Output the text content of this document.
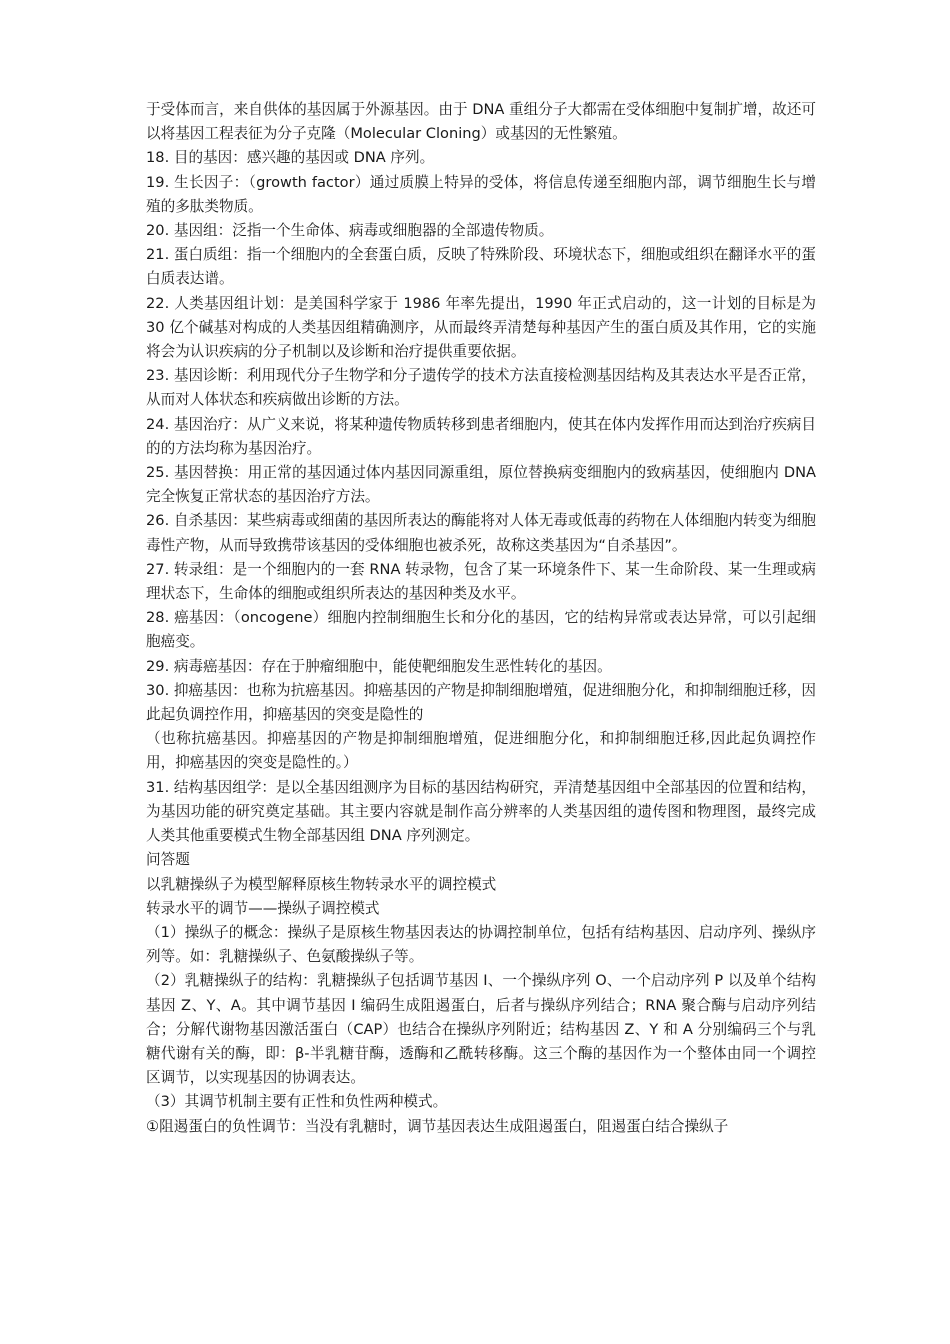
于受体而言，来自供体的基因属于外源基因。由于 DNA 重组分子大都需在受体细胞中复制扩增，故还可以将基因工程表征为分子克隆（Molecular Cloning）或基因的无性繁殖。

18. 目的基因：感兴趣的基因或 DNA 序列。

19. 生长因子：（growth factor）通过质膜上特异的受体，将信息传递至细胞内部，调节细胞生长与增殖的多肽类物质。

20. 基因组：泛指一个生命体、病毒或细胞器的全部遗传物质。

21. 蛋白质组：指一个细胞内的全套蛋白质，反映了特殊阶段、环境状态下，细胞或组织在翻译水平的蛋白质表达谱。

22. 人类基因组计划：是美国科学家于 1986 年率先提出，1990 年正式启动的，这一计划的目标是为 30 亿个碱基对构成的人类基因组精确测序，从而最终弄清楚每种基因产生的蛋白质及其作用，它的实施将会为认识疾病的分子机制以及诊断和治疗提供重要依据。

23. 基因诊断：利用现代分子生物学和分子遗传学的技术方法直接检测基因结构及其表达水平是否正常，从而对人体状态和疾病做出诊断的方法。

24. 基因治疗：从广义来说，将某种遗传物质转移到患者细胞内，使其在体内发挥作用而达到治疗疾病目的的方法均称为基因治疗。

25. 基因替换：用正常的基因通过体内基因同源重组，原位替换病变细胞内的致病基因，使细胞内 DNA 完全恢复正常状态的基因治疗方法。

26. 自杀基因：某些病毒或细菌的基因所表达的酶能将对人体无毒或低毒的药物在人体细胞内转变为细胞毒性产物，从而导致携带该基因的受体细胞也被杀死，故称这类基因为“自杀基因”。

27. 转录组：是一个细胞内的一套 RNA 转录物，包含了某一环境条件下、某一生命阶段、某一生理或病理状态下，生命体的细胞或组织所表达的基因种类及水平。

28. 癌基因：（oncogene）细胞内控制细胞生长和分化的基因，它的结构异常或表达异常，可以引起细胞癌变。

29. 病毒癌基因：存在于肿瘤细胞中，能使靶细胞发生恶性转化的基因。

30. 抑癌基因：也称为抗癌基因。抑癌基因的产物是抑制细胞增殖，促进细胞分化，和抑制细胞迁移，因此起负调控作用，抑癌基因的突变是隐性的

（也称抗癌基因。抑癌基因的产物是抑制细胞增殖，促进细胞分化，和抑制细胞迁移,因此起负调控作用，抑癌基因的突变是隐性的。）

31. 结构基因组学：是以全基因组测序为目标的基因结构研究，弄清楚基因组中全部基因的位置和结构，为基因功能的研究奠定基础。其主要内容就是制作高分辨率的人类基因组的遗传图和物理图，最终完成人类其他重要模式生物全部基因组 DNA 序列测定。

问答题

以乳糖操纵子为模型解释原核生物转录水平的调控模式

转录水平的调节——操纵子调控模式

（1）操纵子的概念：操纵子是原核生物基因表达的协调控制单位，包括有结构基因、启动序列、操纵序列等。如：乳糖操纵子、色氨酸操纵子等。

（2）乳糖操纵子的结构：乳糖操纵子包括调节基因 I、一个操纵序列 O、一个启动序列 P 以及单个结构基因 Z、Y、A。其中调节基因 I 编码生成阻遏蛋白，后者与操纵序列结合；RNA 聚合酶与启动序列结合；分解代谢物基因激活蛋白（CAP）也结合在操纵序列附近；结构基因 Z、Y 和 A 分别编码三个与乳糖代谢有关的酶，即：β-半乳糖苷酶，透酶和乙酰转移酶。这三个酶的基因作为一个整体由同一个调控区调节，以实现基因的协调表达。

（3）其调节机制主要有正性和负性两种模式。

①阻遏蛋白的负性调节：当没有乳糖时，调节基因表达生成阻遏蛋白，阻遏蛋白结合操纵子
